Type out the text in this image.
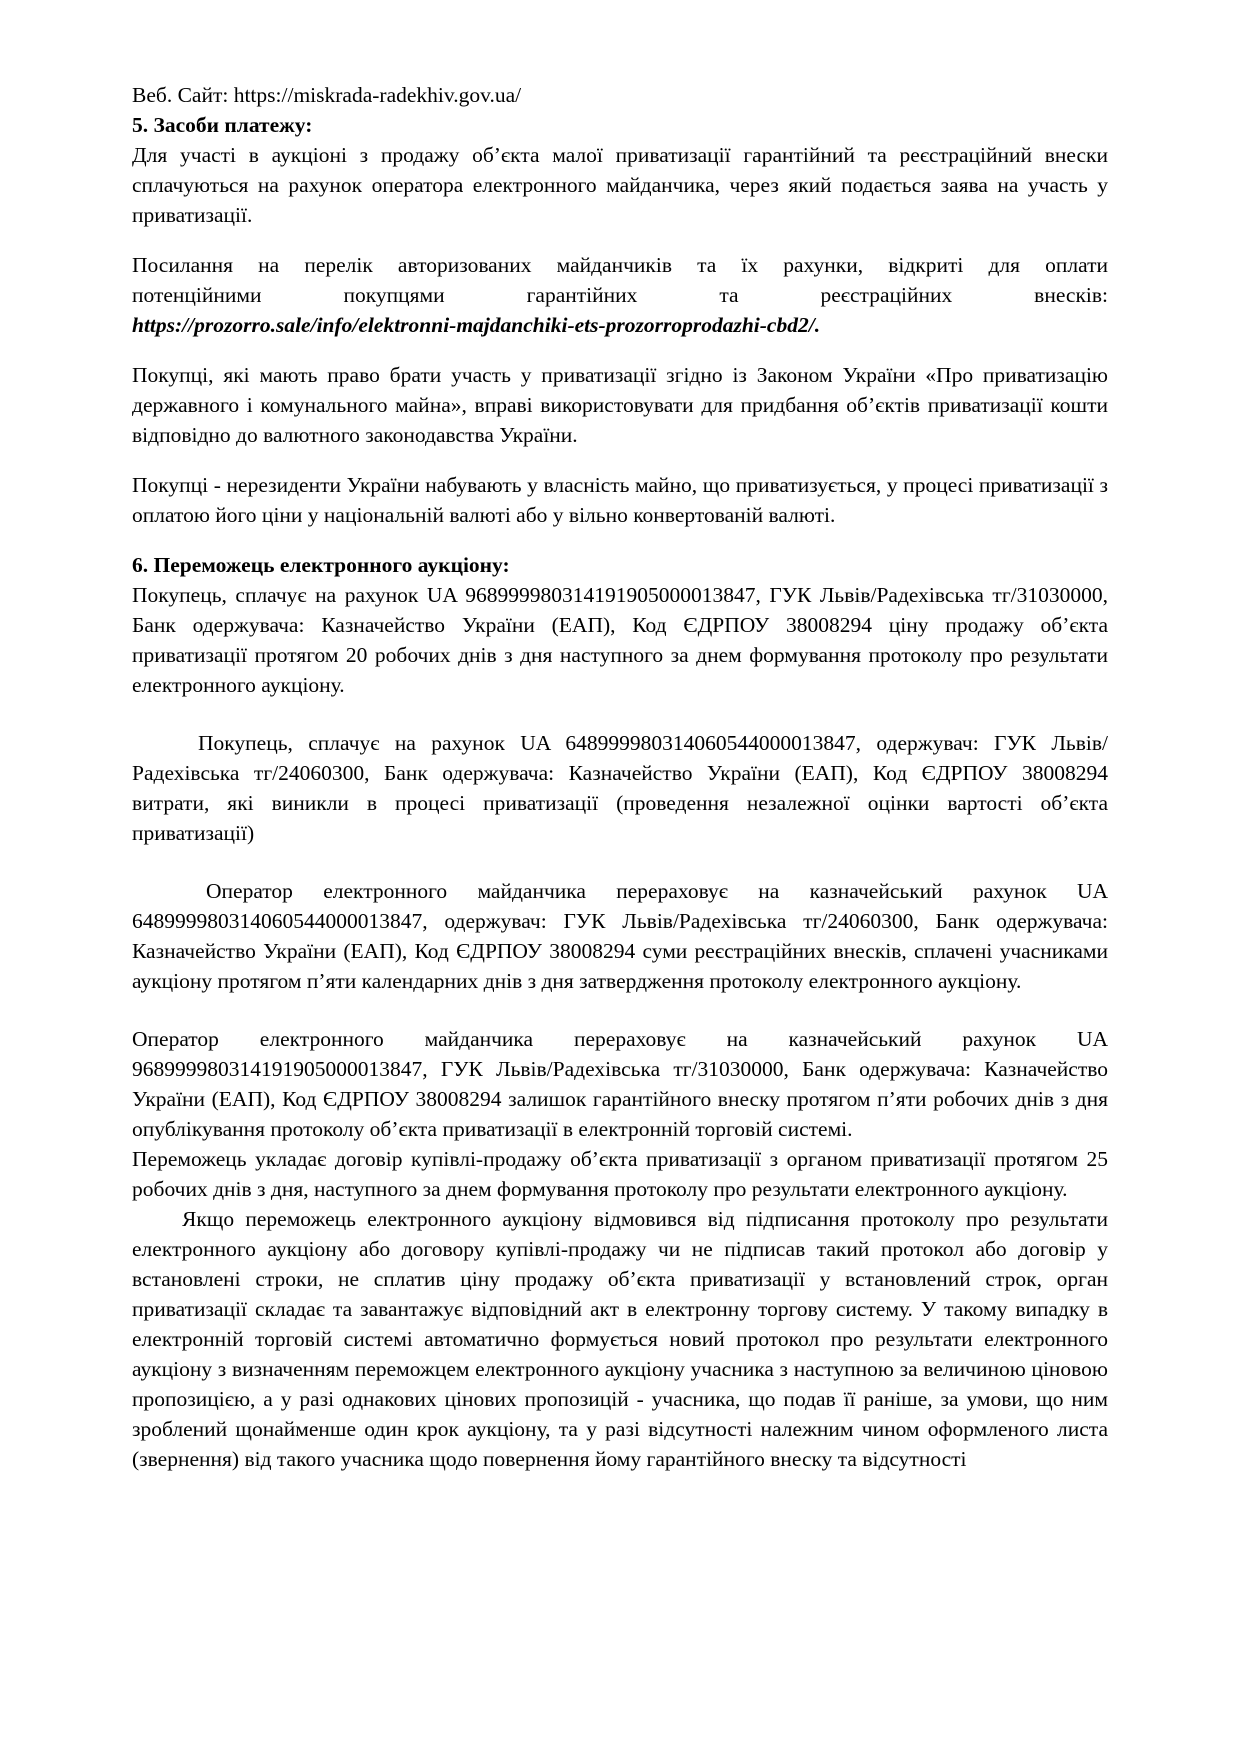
Веб. Сайт: https://miskrada-radekhiv.gov.ua/

5. Засоби платежу:

Для участі в аукціоні з продажу об’єкта малої приватизації гарантійний та реєстраційний внески сплачуються на рахунок оператора електронного майданчика, через який подається заява на участь у приватизації.

Посилання на перелік авторизованих майданчиків та їх рахунки, відкриті для оплати

потенційними покупцями гарантійних та реєстраційних внесків:

https://prozorro.sale/info/elektronni-majdanchiki-ets-prozorroprodazhi-cbd2/.

Покупці, які мають право брати участь у приватизації згідно із Законом України «Про приватизацію державного і комунального майна», вправі використовувати для придбання об’єктів приватизації кошти відповідно до валютного законодавства України.

Покупці - нерезиденти України набувають у власність майно, що приватизується, у процесі приватизації з оплатою його ціни у національній валюті або у вільно конвертованій валюті.

6. Переможець електронного аукціону:

Покупець, сплачує на рахунок UA 968999980314191905000013847, ГУК Львів/Радехівська тг/31030000, Банк одержувача: Казначейство України (ЕАП), Код ЄДРПОУ 38008294 ціну продажу об’єкта приватизації протягом 20 робочих днів з дня наступного за днем формування протоколу про результати електронного аукціону.

Покупець, сплачує на рахунок UA 648999980314060544000013847, одержувач: ГУК Львів/Радехівська тг/24060300, Банк одержувача: Казначейство України (ЕАП), Код ЄДРПОУ 38008294 витрати, які виникли в процесі приватизації (проведення незалежної оцінки вартості об’єкта приватизації)

Оператор електронного майданчика перераховує на казначейський рахунок UA 648999980314060544000013847, одержувач: ГУК Львів/Радехівська тг/24060300, Банк одержувача: Казначейство України (ЕАП), Код ЄДРПОУ 38008294 суми реєстраційних внесків, сплачені учасниками аукціону протягом п’яти календарних днів з дня затвердження протоколу електронного аукціону.

Оператор електронного майданчика перераховує на казначейський рахунок UA 968999980314191905000013847, ГУК Львів/Радехівська тг/31030000, Банк одержувача: Казначейство України (ЕАП), Код ЄДРПОУ 38008294 залишок гарантійного внеску протягом п’яти робочих днів з дня опублікування протоколу об’єкта приватизації в електронній торговій системі.

Переможець укладає договір купівлі-продажу об’єкта приватизації з органом приватизації протягом 25 робочих днів з дня, наступного за днем формування протоколу про результати електронного аукціону.

Якщо переможець електронного аукціону відмовився від підписання протоколу про результати електронного аукціону або договору купівлі-продажу чи не підписав такий протокол або договір у встановлені строки, не сплатив ціну продажу об’єкта приватизації у встановлений строк, орган приватизації складає та завантажує відповідний акт в електронну торгову систему. У такому випадку в електронній торговій системі автоматично формується новий протокол про результати електронного аукціону з визначенням переможцем електронного аукціону учасника з наступною за величиною ціновою пропозицією, а у разі однакових цінових пропозицій - учасника, що подав її раніше, за умови, що ним зроблений щонайменше один крок аукціону, та у разі відсутності належним чином оформленого листа (звернення) від такого учасника щодо повернення йому гарантійного внеску та відсутності
